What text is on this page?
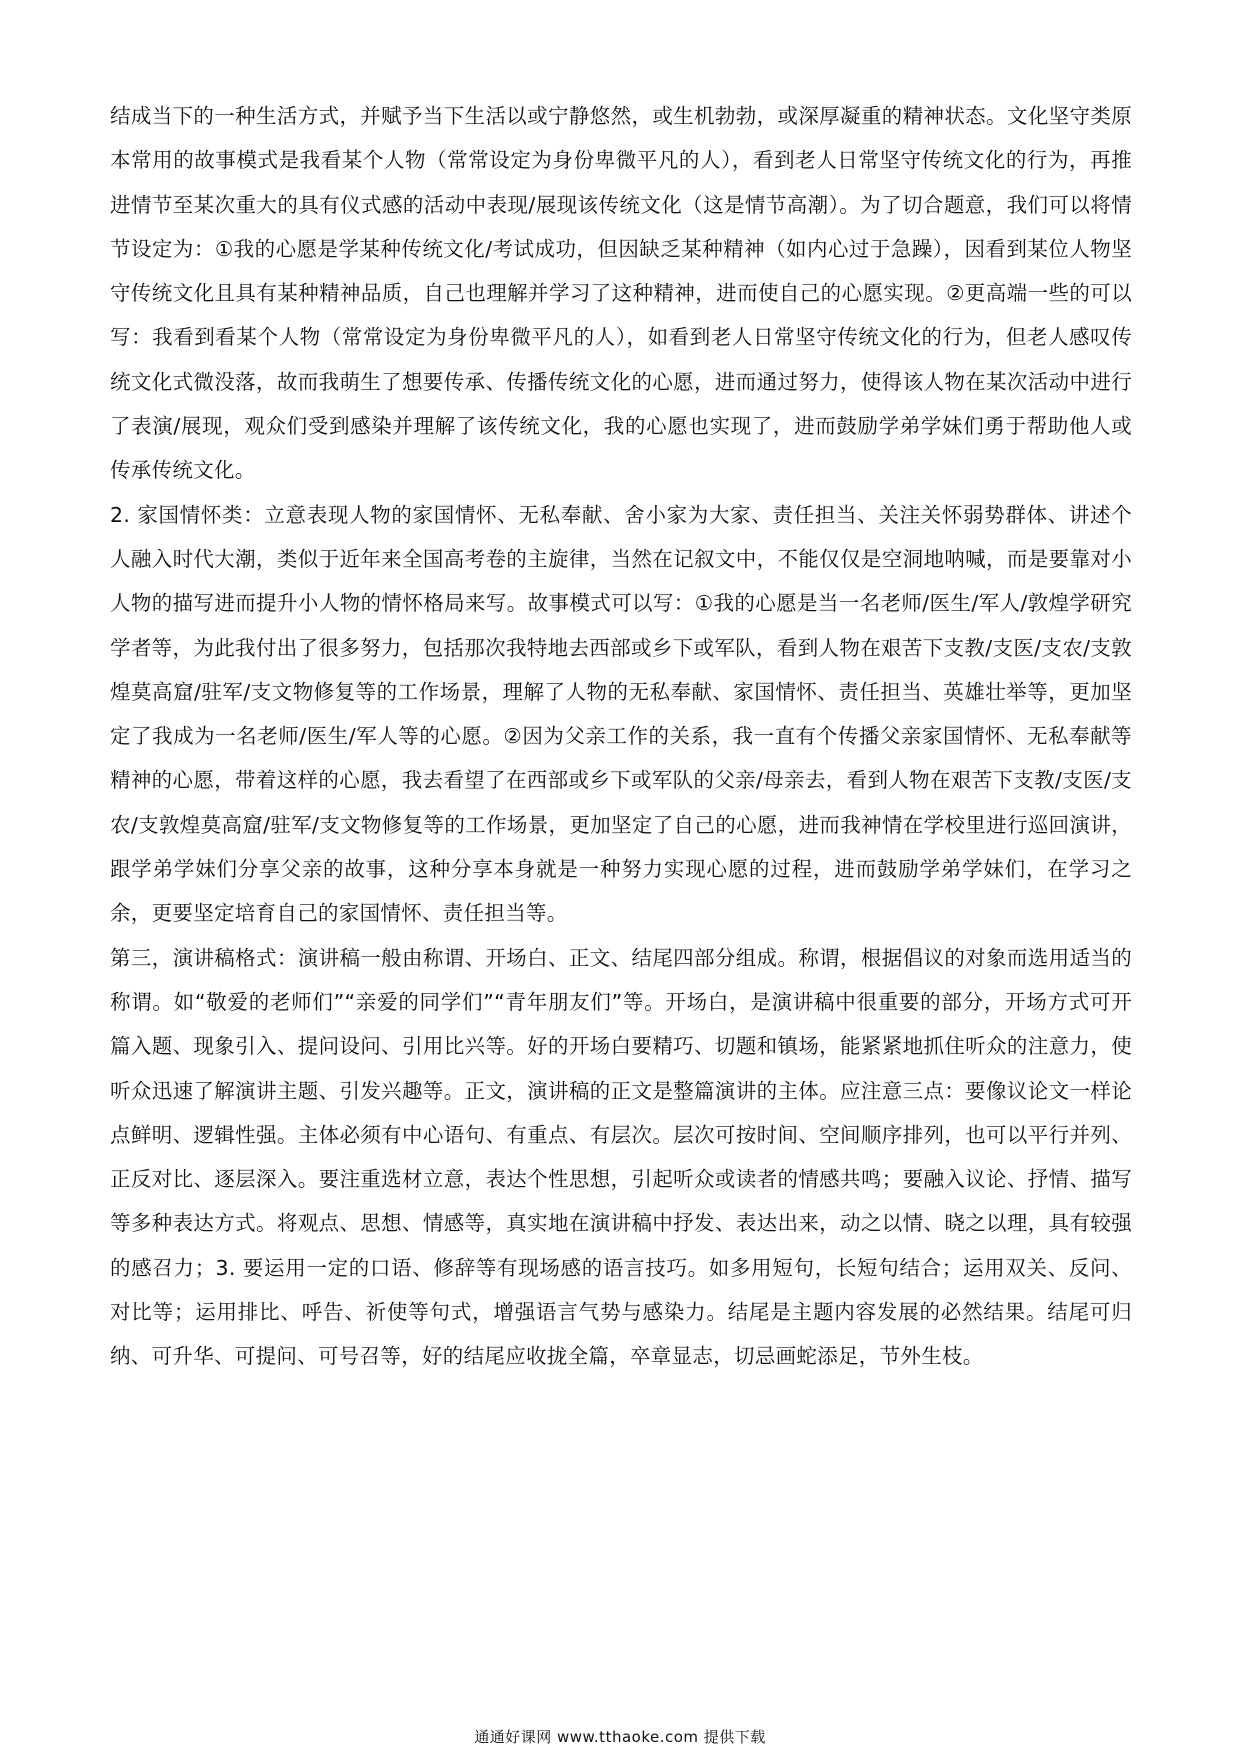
结成当下的一种生活方式，并赋予当下生活以或宁静悠然，或生机勃勃，或深厚凝重的精神状态。文化坚守类原本常用的故事模式是我看某个人物（常常设定为身份卑微平凡的人），看到老人日常坚守传统文化的行为，再推进情节至某次重大的具有仪式感的活动中表现/展现该传统文化（这是情节高潮）。为了切合题意，我们可以将情节设定为：①我的心愿是学某种传统文化/考试成功，但因缺乏某种精神（如内心过于急躁），因看到某位人物坚守传统文化且具有某种精神品质，自己也理解并学习了这种精神，进而使自己的心愿实现。②更高端一些的可以写：我看到看某个人物（常常设定为身份卑微平凡的人），如看到老人日常坚守传统文化的行为，但老人感叹传统文化式微没落，故而我萌生了想要传承、传播传统文化的心愿，进而通过努力，使得该人物在某次活动中进行了表演/展现，观众们受到感染并理解了该传统文化，我的心愿也实现了，进而鼓励学弟学妹们勇于帮助他人或传承传统文化。

2. 家国情怀类：立意表现人物的家国情怀、无私奉献、舍小家为大家、责任担当、关注关怀弱势群体、讲述个人融入时代大潮，类似于近年来全国高考卷的主旋律，当然在记叙文中，不能仅仅是空洞地呐喊，而是要靠对小人物的描写进而提升小人物的情怀格局来写。故事模式可以写：①我的心愿是当一名老师/医生/军人/敦煌学研究学者等，为此我付出了很多努力，包括那次我特地去西部或乡下或军队，看到人物在艰苦下支教/支医/支农/支敦煌莫高窟/驻军/支文物修复等的工作场景，理解了人物的无私奉献、家国情怀、责任担当、英雄壮举等，更加坚定了我成为一名老师/医生/军人等的心愿。②因为父亲工作的关系，我一直有个传播父亲家国情怀、无私奉献等精神的心愿，带着这样的心愿，我去看望了在西部或乡下或军队的父亲/母亲去，看到人物在艰苦下支教/支医/支农/支敦煌莫高窟/驻军/支文物修复等的工作场景，更加坚定了自己的心愿，进而我神情在学校里进行巡回演讲，跟学弟学妹们分享父亲的故事，这种分享本身就是一种努力实现心愿的过程，进而鼓励学弟学妹们，在学习之余，更要坚定培育自己的家国情怀、责任担当等。

第三，演讲稿格式：演讲稿一般由称谓、开场白、正文、结尾四部分组成。称谓，根据倡议的对象而选用适当的称谓。如“敬爱的老师们”“亲爱的同学们”“青年朋友们”等。开场白，是演讲稿中很重要的部分，开场方式可开篇入题、现象引入、提问设问、引用比兴等。好的开场白要精巧、切题和镇场，能紧紧地抓住听众的注意力，使听众迅速了解演讲主题、引发兴趣等。正文，演讲稿的正文是整篇演讲的主体。应注意三点：要像议论文一样论点鲜明、逻辑性强。主体必须有中心语句、有重点、有层次。层次可按时间、空间顺序排列，也可以平行并列、正反对比、逐层深入。要注重选材立意，表达个性思想，引起听众或读者的情感共鸣；要融入议论、抒情、描写等多种表达方式。将观点、思想、情感等，真实地在演讲稿中抒发、表达出来，动之以情、晓之以理，具有较强的感召力；3. 要运用一定的口语、修辞等有现场感的语言技巧。如多用短句，长短句结合；运用双关、反问、对比等；运用排比、呼告、祈使等句式，增强语言气势与感染力。结尾是主题内容发展的必然结果。结尾可归纳、可升华、可提问、可号召等，好的结尾应收拢全篇，卒章显志，切忌画蛇添足，节外生枝。

通通好课网 www.tthaoke.com 提供下载
